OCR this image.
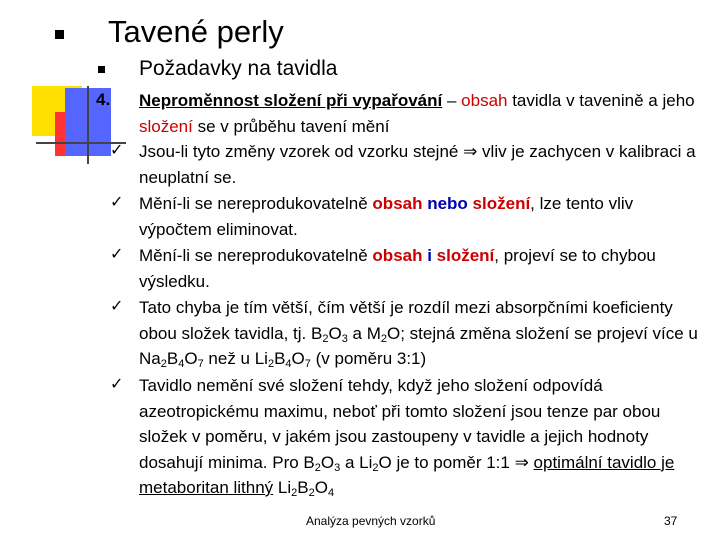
Tavené perly
Požadavky na tavidla
4. Neproměnnost složení při vypařování – obsah tavidla v tavenině a jeho složení se v průběhu tavení mění
✓ Jsou-li tyto změny vzorek od vzorku stejné ⇒ vliv je zachycen v kalibraci a neuplatní se.
✓ Mění-li se nereprodukovatelně obsah nebo složení, lze tento vliv výpočtem eliminovat.
✓ Mění-li se nereprodukovatelně obsah i složení, projeví se to chybou výsledku.
✓ Tato chyba je tím větší, čím větší je rozdíl mezi absorpčními koeficienty obou složek tavidla, tj. $B_2O_3$ a $M_2O$; stejná změna složení se projeví více u $Na_2B_4O_7$ než u $Li_2B_4O_7$ (v poměru 3:1)
✓ Tavidlo nemění své složení tehdy, když jeho složení odpovídá azeotropickému maximu, neboť při tomto složení jsou tenze par obou složek v poměru, v jakém jsou zastoupeny v tavidle a jejich hodnoty dosahují minima. Pro $B_2O_3$ a $Li_2O$ je to poměr 1:1 ⇒ optimální tavidlo je metaboritan lithný $Li_2B_2O_4$
Analýza pevných vzorků	37
